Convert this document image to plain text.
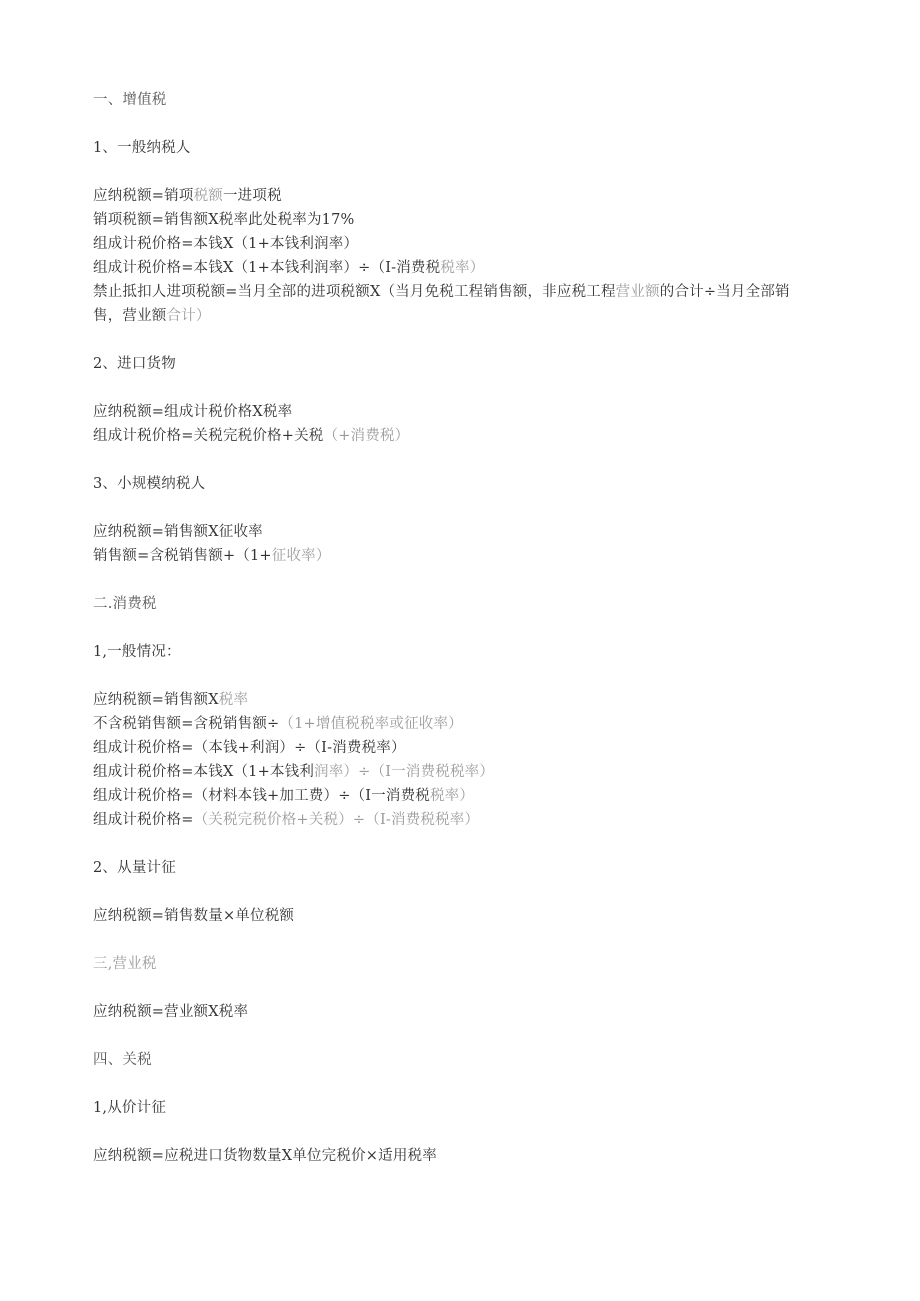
一、增值税
1、一般纳税人
应纳税额=销项税额一进项税
销项税额=销售额X税率此处税率为17%
组成计税价格=本钱X（1+本钱利润率）
组成计税价格=本钱X（1+本钱利润率）÷（I-消费税税率）
禁止抵扣人进项税额=当月全部的进项税额X（当月免税工程销售额，非应税工程营业额的合计÷当月全部销售，营业额合计）
2、进口货物
应纳税额=组成计税价格X税率
组成计税价格=关税完税价格+关税（+消费税）
3、小规模纳税人
应纳税额=销售额X征收率
销售额=含税销售额+（1+征收率）
二.消费税
1,一般情况：
应纳税额=销售额X税率
不含税销售额=含税销售额÷（1+增值税税率或征收率）
组成计税价格=（本钱+利润）÷（I-消费税率）
组成计税价格=本钱X（1+本钱利润率）÷（I一消费税税率）
组成计税价格=（材料本钱+加工费）÷（I一消费税税率）
组成计税价格=（关税完税价格+关税）÷（I-消费税税率）
2、从量计征
应纳税额=销售数量×单位税额
三,营业税
应纳税额=营业额X税率
四、关税
1,从价计征
应纳税额=应税进口货物数量X单位完税价×适用税率
